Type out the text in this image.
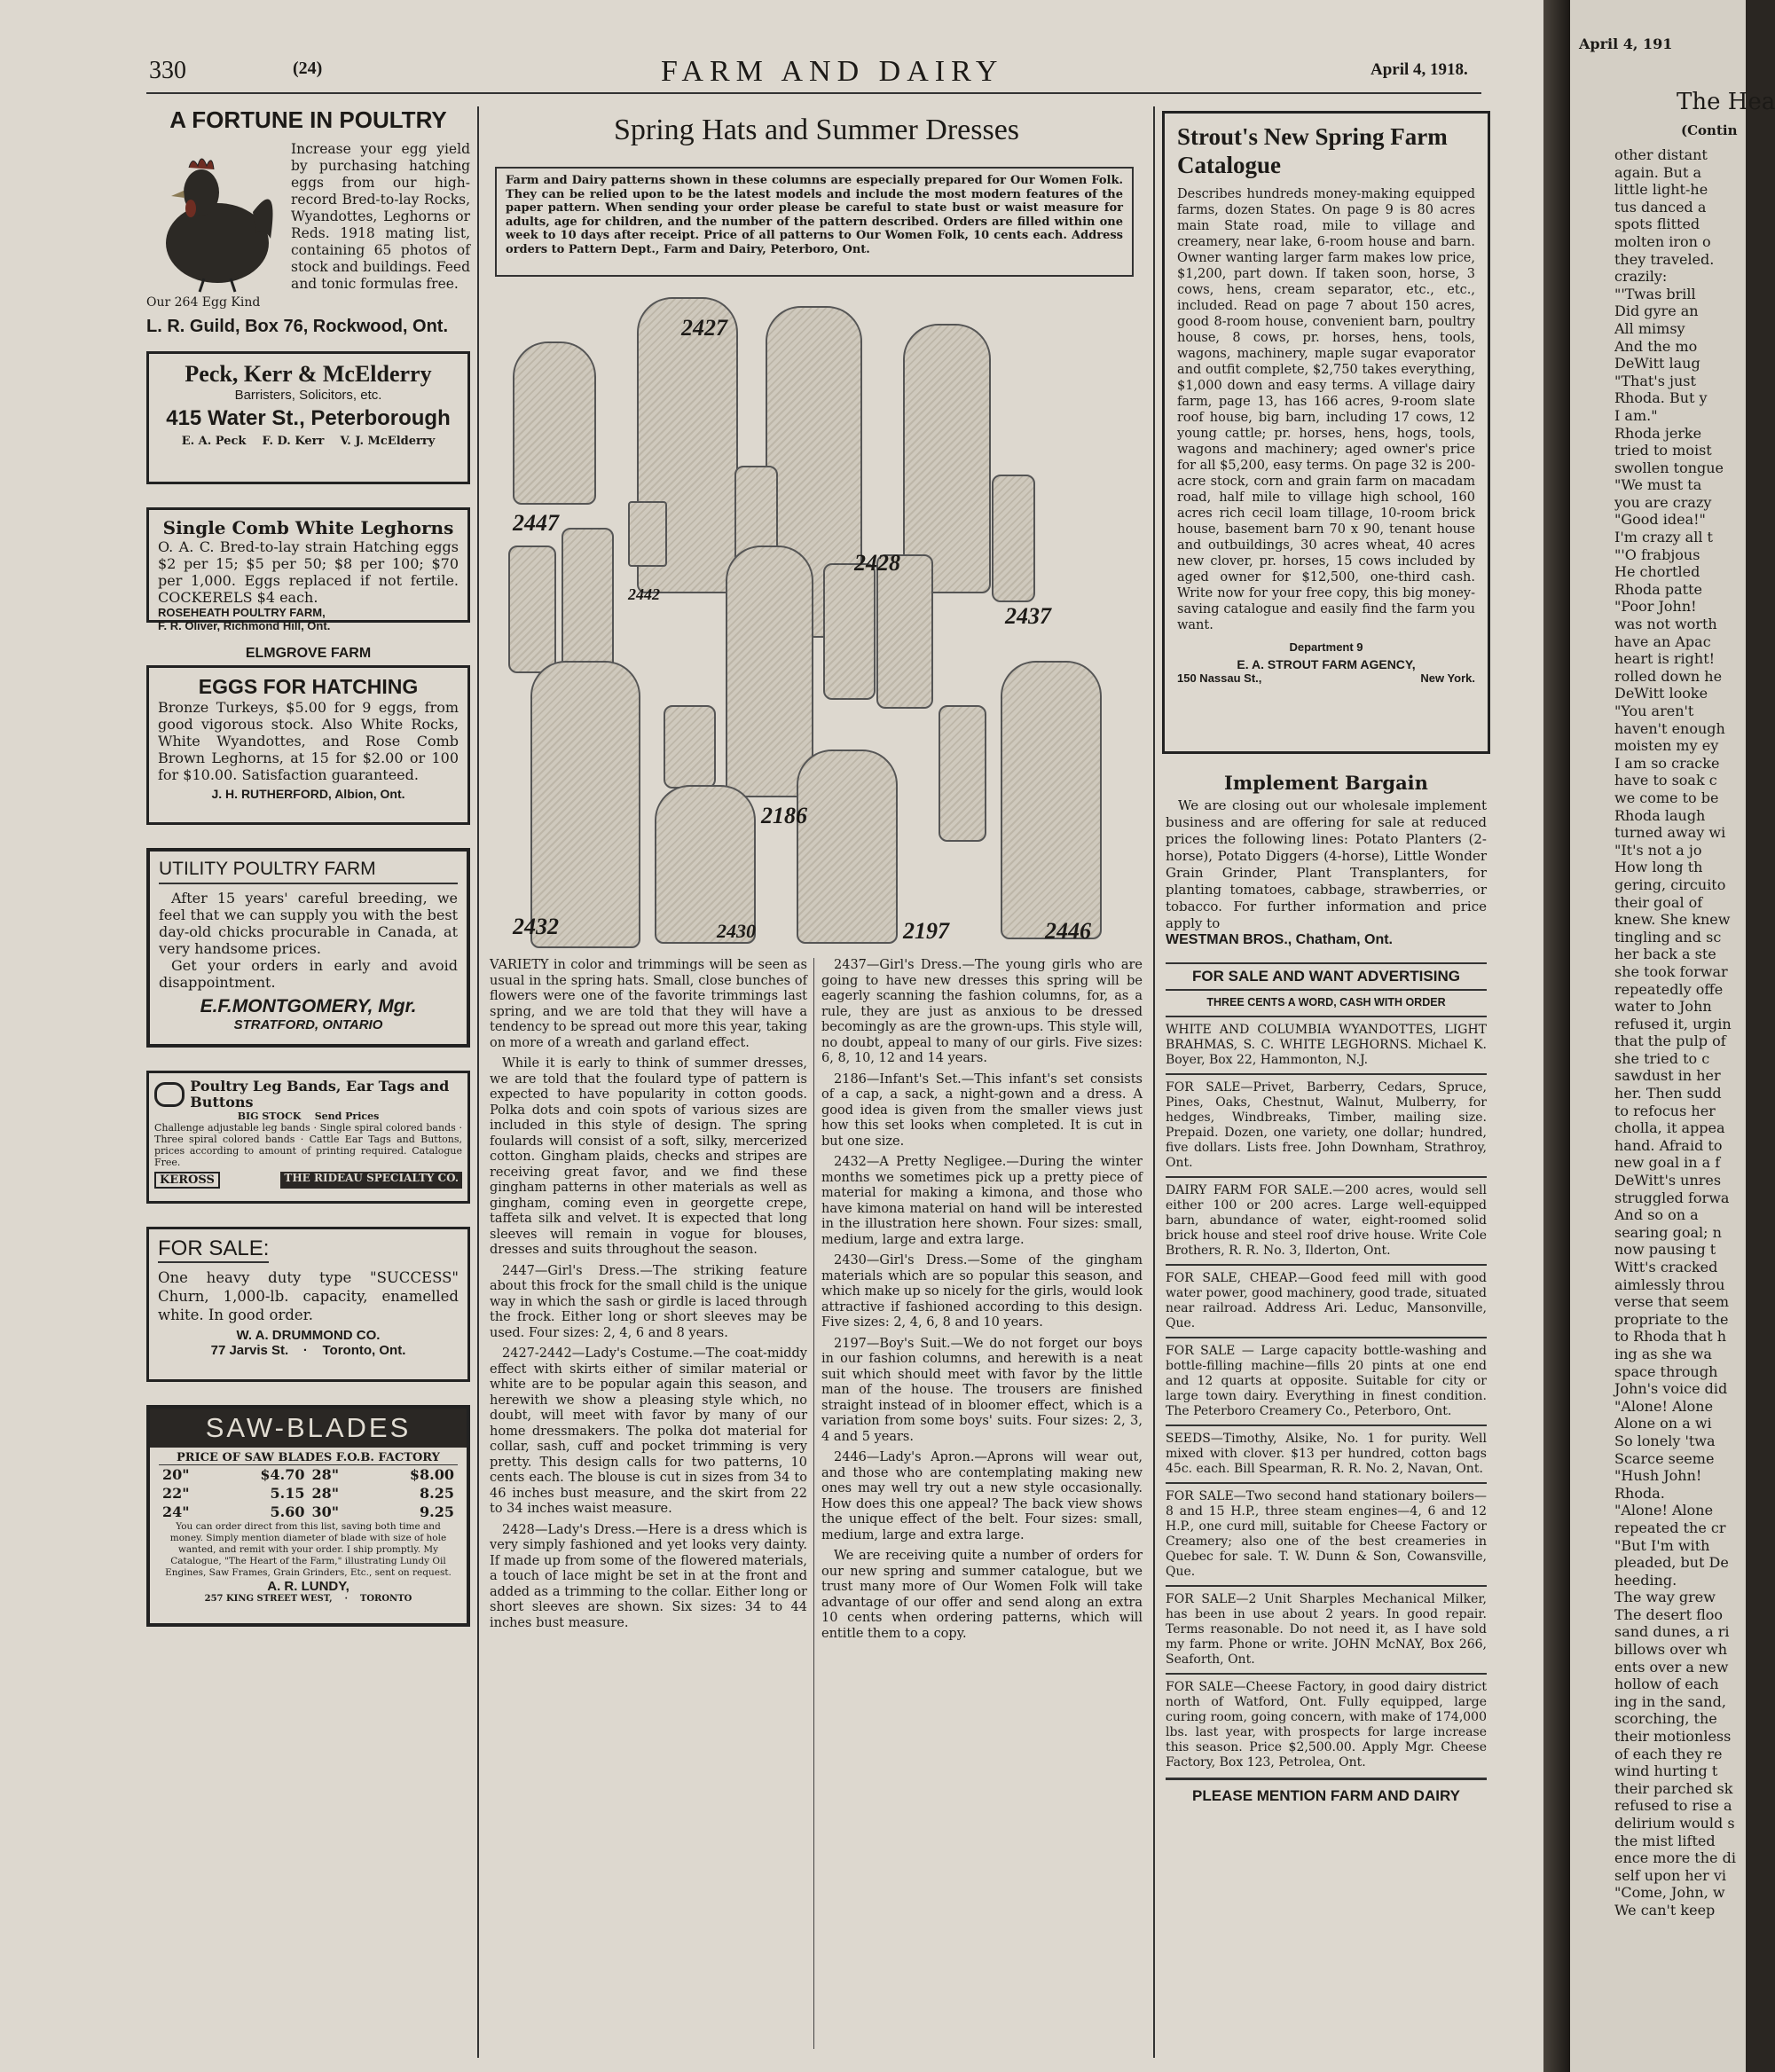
330	(24)	FARM AND DAIRY	April 4, 1918.
A FORTUNE IN POULTRY
Our 264 Egg Kind

Increase your egg yield by purchasing hatching eggs from our high-record Bred-to-lay Rocks, Wyandottes, Leghorns or Reds. 1918 mating list, containing 65 photos of stock and buildings. Feed and tonic formulas free.

L. R. Guild, Box 76, Rockwood, Ont.
Peck, Kerr & McElderry
Barristers, Solicitors, etc.
415 Water St., Peterborough
E. A. Peck    F. D. Kerr    V. J. McElderry
Single Comb White Leghorns

O. A. C. Bred-to-lay strain Hatching eggs $2 per 15; $5 per 50; $8 per 100; $70 per 1,000. Eggs replaced if not fertile. COCKERELS $4 each.

ROSEHEATH POULTRY FARM,
F. R. Oliver, Richmond Hill, Ont.
ELMGROVE FARM
EGGS FOR HATCHING

Bronze Turkeys, $5.00 for 9 eggs, from good vigorous stock. Also White Rocks, White Wyandottes, and Rose Comb Brown Leghorns, at 15 for $2.00 or 100 for $10.00. Satisfaction guaranteed.

J. H. RUTHERFORD, Albion, Ont.
UTILITY POULTRY FARM

After 15 years' careful breeding, we feel that we can supply you with the best day-old chicks procurable in Canada, at very handsome prices.

Get your orders in early and avoid disappointment.

E.F.MONTGOMERY, Mgr.
STRATFORD, ONTARIO
Poultry Leg Bands, Ear Tags and Buttons
BIG STOCK    Send Prices

Challenge adjustable leg bands · Single spiral colored bands · Three spiral colored bands · Cattle Ear Tags and Buttons, prices according to amount of printing required. Catalogue Free.

KEROSS	THE RIDEAU SPECIALTY CO.
FOR SALE:

One heavy duty type "SUCCESS" Churn, 1,000-lb. capacity, enamelled white. In good order.

W. A. DRUMMOND CO.
77 Jarvis St.    ·    Toronto, Ont.
SAW-BLADES
PRICE OF SAW BLADES F.O.B. FACTORY
20"	$4.70	28"	$8.00
22"	5.15	28"	8.25
24"	5.60	30"	9.25

You can order direct from this list, saving both time and money. Simply mention diameter of blade with size of hole wanted, and remit with your order. I ship promptly. My Catalogue, "The Heart of the Farm," illustrating Lundy Oil Engines, Saw Frames, Grain Grinders, Etc., sent on request.

A. R. LUNDY,
257 KING STREET WEST,    ·    TORONTO
Spring Hats and Summer Dresses

Farm and Dairy patterns shown in these columns are especially prepared for Our Women Folk. They can be relied upon to be the latest models and include the most modern features of the paper pattern. When sending your order please be careful to state bust or waist measure for adults, age for children, and the number of the pattern described. Orders are filled within one week to 10 days after receipt. Price of all patterns to Our Women Folk, 10 cents each. Address orders to Pattern Dept., Farm and Dairy, Peterboro, Ont.

2447
2427
2442
2437
2428
2186
2432	2430	2197	2446

VARIETY in color and trimmings will be seen as usual in the spring hats. Small, close bunches of flowers were one of the favorite trimmings last spring, and we are told that they will have a tendency to be spread out more this year, taking on more of a wreath and garland effect.

While it is early to think of summer dresses, we are told that the foulard type of pattern is expected to have popularity in cotton goods. Polka dots and coin spots of various sizes are included in this style of design. The spring foulards will consist of a soft, silky, mercerized cotton. Gingham plaids, checks and stripes are receiving great favor, and we find these gingham patterns in other materials as well as gingham, coming even in georgette crepe, taffeta silk and velvet. It is expected that long sleeves will remain in vogue for blouses, dresses and suits throughout the season.

2447—Girl's Dress.—The striking feature about this frock for the small child is the unique way in which the sash or girdle is laced through the frock. Either long or short sleeves may be used. Four sizes: 2, 4, 6 and 8 years.

2427-2442—Lady's Costume.—The coat-middy effect with skirts either of similar material or white are to be popular again this season, and herewith we show a pleasing style which, no doubt, will meet with favor by many of our home dressmakers. The polka dot material for collar, sash, cuff and pocket trimming is very pretty. This design calls for two patterns, 10 cents each. The blouse is cut in sizes from 34 to 46 inches bust measure, and the skirt from 22 to 34 inches waist measure.

2428—Lady's Dress.—Here is a dress which is very simply fashioned and yet looks very dainty. If made up from some of the flowered materials, a touch of lace might be set in at the front and added as a trimming to the collar. Either long or short sleeves are shown. Six sizes: 34 to 44 inches bust measure.

2437—Girl's Dress.—The young girls who are going to have new dresses this spring will be eagerly scanning the fashion columns, for, as a rule, they are just as anxious to be dressed becomingly as are the grown-ups. This style will, no doubt, appeal to many of our girls. Five sizes: 6, 8, 10, 12 and 14 years.

2186—Infant's Set.—This infant's set consists of a cap, a sack, a night-gown and a dress. A good idea is given from the smaller views just how this set looks when completed. It is cut in but one size.

2432—A Pretty Negligee.—During the winter months we sometimes pick up a pretty piece of material for making a kimona, and those who have kimona material on hand will be interested in the illustration here shown. Four sizes: small, medium, large and extra large.

2430—Girl's Dress.—Some of the gingham materials which are so popular this season, and which make up so nicely for the girls, would look attractive if fashioned according to this design. Five sizes: 2, 4, 6, 8 and 10 years.

2197—Boy's Suit.—We do not forget our boys in our fashion columns, and herewith is a neat suit which should meet with favor by the little man of the house. The trousers are finished straight instead of in bloomer effect, which is a variation from some boys' suits. Four sizes: 2, 3, 4 and 5 years.

2446—Lady's Apron.—Aprons will wear out, and those who are contemplating making new ones may well try out a new style occasionally. How does this one appeal? The back view shows the unique effect of the belt. Four sizes: small, medium, large and extra large.

We are receiving quite a number of orders for our new spring and summer catalogue, but we trust many more of Our Women Folk will take advantage of our offer and send along an extra 10 cents when ordering patterns, which will entitle them to a copy.

Strout's New Spring Farm Catalogue

Describes hundreds money-making equipped farms, dozen States. On page 9 is 80 acres main State road, mile to village and creamery, near lake, 6-room house and barn. Owner wanting larger farm makes low price, $1,200, part down. If taken soon, horse, 3 cows, hens, cream separator, etc., etc., included. Read on page 7 about 150 acres, good 8-room house, convenient barn, poultry house, 8 cows, pr. horses, hens, tools, wagons, machinery, maple sugar evaporator and outfit complete, $2,750 takes everything, $1,000 down and easy terms. A village dairy farm, page 13, has 166 acres, 9-room slate roof house, big barn, including 17 cows, 12 young cattle; pr. horses, hens, hogs, tools, wagons and machinery; aged owner's price for all $5,200, easy terms. On page 32 is 200-acre stock, corn and grain farm on macadam road, half mile to village high school, 160 acres rich cecil loam tillage, 10-room brick house, basement barn 70 x 90, tenant house and outbuildings, 30 acres wheat, 40 acres new clover, pr. horses, 15 cows included by aged owner for $12,500, one-third cash. Write now for your free copy, this big money-saving catalogue and easily find the farm you want.

Department 9
E. A. STROUT FARM AGENCY,
150 Nassau St.,	New York.
Implement Bargain

We are closing out our wholesale implement business and are offering for sale at reduced prices the following lines: Potato Planters (2-horse), Potato Diggers (4-horse), Little Wonder Grain Grinder, Plant Transplanters, for planting tomatoes, cabbage, strawberries, or tobacco. For further information and price apply to

WESTMAN BROS., Chatham, Ont.
FOR SALE AND WANT ADVERTISING
THREE CENTS A WORD, CASH WITH ORDER
WHITE AND COLUMBIA WYANDOTTES, LIGHT BRAHMAS, S. C. WHITE LEGHORNS. Michael K. Boyer, Box 22, Hammonton, N.J.
FOR SALE—Privet, Barberry, Cedars, Spruce, Pines, Oaks, Chestnut, Walnut, Mulberry, for hedges, Windbreaks, Timber, mailing size. Prepaid. Dozen, one variety, one dollar; hundred, five dollars. Lists free. John Downham, Strathroy, Ont.
DAIRY FARM FOR SALE.—200 acres, would sell either 100 or 200 acres. Large well-equipped barn, abundance of water, eight-roomed solid brick house and steel roof drive house. Write Cole Brothers, R. R. No. 3, Ilderton, Ont.
FOR SALE, CHEAP.—Good feed mill with good water power, good machinery, good trade, situated near railroad. Address Ari. Leduc, Mansonville, Que.
FOR SALE — Large capacity bottle-washing and bottle-filling machine—fills 20 pints at one end and 12 quarts at opposite. Suitable for city or large town dairy. Everything in finest condition. The Peterboro Creamery Co., Peterboro, Ont.
SEEDS—Timothy, Alsike, No. 1 for purity. Well mixed with clover. $13 per hundred, cotton bags 45c. each. Bill Spearman, R. R. No. 2, Navan, Ont.
FOR SALE—Two second hand stationary boilers—8 and 15 H.P., three steam engines—4, 6 and 12 H.P., one curd mill, suitable for Cheese Factory or Creamery; also one of the best creameries in Quebec for sale. T. W. Dunn & Son, Cowansville, Que.
FOR SALE—2 Unit Sharples Mechanical Milker, has been in use about 2 years. In good repair. Terms reasonable. Do not need it, as I have sold my farm. Phone or write. JOHN McNAY, Box 266, Seaforth, Ont.
FOR SALE—Cheese Factory, in good dairy district north of Watford, Ont. Fully equipped, large curing room, going concern, with make of 174,000 lbs. last year, with prospects for large increase this season. Price $2,500.00. Apply Mgr. Cheese Factory, Box 123, Petrolea, Ont.
PLEASE MENTION FARM AND DAIRY
April 4, 191
The Hea
(Contin
other distant
again. But a
little light-he
tus danced a
spots flitted
molten iron o
they traveled.
crazily:
"'Twas brill
Did gyre an
All mimsy
And the mo
DeWitt laug
"That's just
Rhoda. But y
I am."
Rhoda jerke
tried to moist
swollen tongue
"We must ta
you are crazy
"Good idea!"
I'm crazy all t
"'O frabjous
He chortled
Rhoda patte
"Poor John!
was not worth
have an Apac
heart is right!
rolled down he
DeWitt looke
"You aren't
haven't enough
moisten my ey
I am so cracke
have to soak c
we come to be
Rhoda laugh
turned away wi
"It's not a jo
How long th
gering, circuito
their goal of
knew. She knew
tingling and sc
her back a ste
she took forwar
repeatedly offe
water to John
refused it, urgin
that the pulp of
she tried to c
sawdust in her
her. Then sudd
to refocus her
cholla, it appea
hand. Afraid to
new goal in a f
DeWitt's unres
struggled forwa
And so on a
searing goal; n
now pausing t
Witt's cracked
aimlessly throu
verse that seem
propriate to the
to Rhoda that h
ing as she wa
space through
John's voice did
"Alone! Alone
Alone on a wi
So lonely 'twa
Scarce seeme
"Hush John!
Rhoda.
"Alone! Alone
repeated the cr
"But I'm with
pleaded, but De
heeding.
The way grew
The desert floo
sand dunes, a ri
billows over wh
ents over a new
hollow of each
ing in the sand,
scorching, the
their motionless
of each they re
wind hurting t
their parched sk
refused to rise a
delirium would s
the mist lifted
ence more the di
self upon her vi
"Come, John, w
We can't keep
